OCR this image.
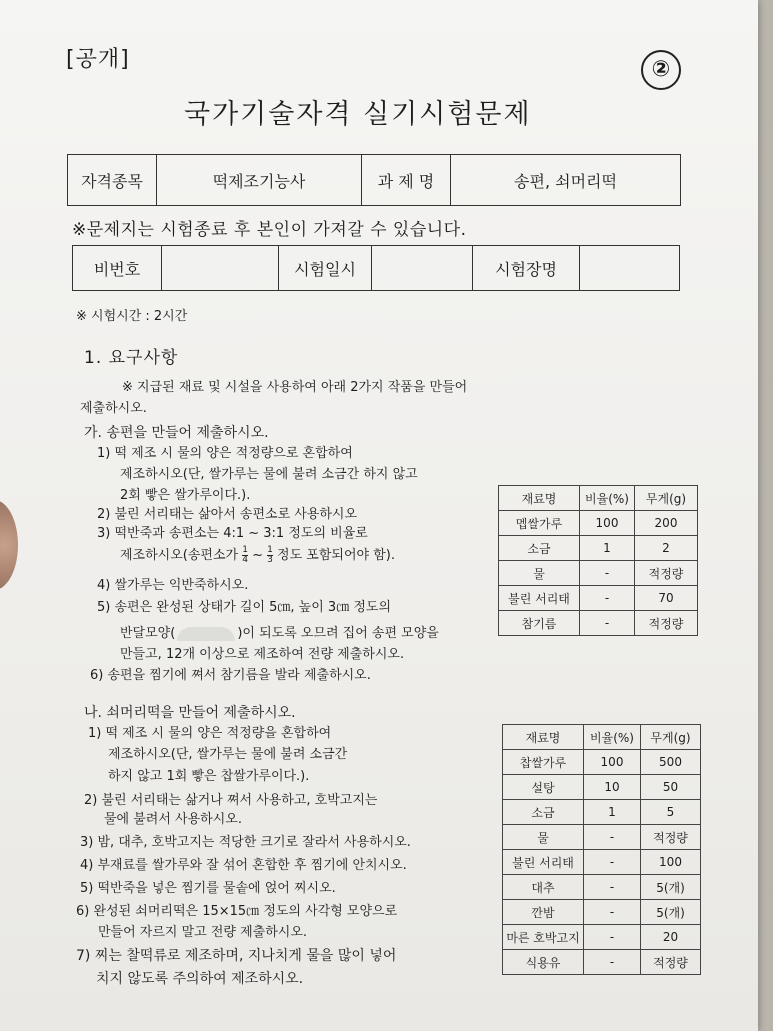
[공개]	②
국가기술자격 실기시험문제
자격종목	떡제조기능사	과 제 명	송편, 쇠머리떡
※문제지는 시험종료 후 본인이 가져갈 수 있습니다.
비번호		시험일시		시험장명	
※ 시험시간 : 2시간
1. 요구사항
※ 지급된 재료 및 시설을 사용하여 아래 2가지 작품을 만들어
제출하시오.
가. 송편을 만들어 제출하시오.
1) 떡 제조 시 물의 양은 적정량으로 혼합하여
제조하시오(단, 쌀가루는 물에 불려 소금간 하지 않고
2회 빻은 쌀가루이다.).
2) 불린 서리태는 삶아서 송편소로 사용하시오
3) 떡반죽과 송편소는 4:1 ~ 3:1 정도의 비율로
제조하시오(송편소가 $\frac{1}{4}$ ~ $\frac{1}{3}$ 정도 포함되어야 함).
4) 쌀가루는 익반죽하시오.
5) 송편은 완성된 상태가 길이 5㎝, 높이 3㎝ 정도의
반달모양(	)이 되도록 오므려 집어 송편 모양을
만들고, 12개 이상으로 제조하여 전량 제출하시오.
6) 송편을 찜기에 쪄서 참기름을 발라 제출하시오.
재료명	비율(%)	무게(g)
멥쌀가루	100	200
소금	1	2
물	-	적정량
불린 서리태	-	70
참기름	-	적정량
나. 쇠머리떡을 만들어 제출하시오.
1) 떡 제조 시 물의 양은 적정량을 혼합하여
제조하시오(단, 쌀가루는 물에 불려 소금간
하지 않고 1회 빻은 찹쌀가루이다.).
2) 불린 서리태는 삶거나 쪄서 사용하고, 호박고지는
물에 불려서 사용하시오.
3) 밤, 대추, 호박고지는 적당한 크기로 잘라서 사용하시오.
4) 부재료를 쌀가루와 잘 섞어 혼합한 후 찜기에 안치시오.
5) 떡반죽을 넣은 찜기를 물솥에 얹어 찌시오.
6) 완성된 쇠머리떡은 15×15㎝ 정도의 사각형 모양으로
만들어 자르지 말고 전량 제출하시오.
7) 찌는 찰떡류로 제조하며, 지나치게 물을 많이 넣어
치지 않도록 주의하여 제조하시오.
재료명	비율(%)	무게(g)
찹쌀가루	100	500
설탕	10	50
소금	1	5
물	-	적정량
불린 서리태	-	100
대추	-	5(개)
깐밤	-	5(개)
마른 호박고지	-	20
식용유	-	적정량
